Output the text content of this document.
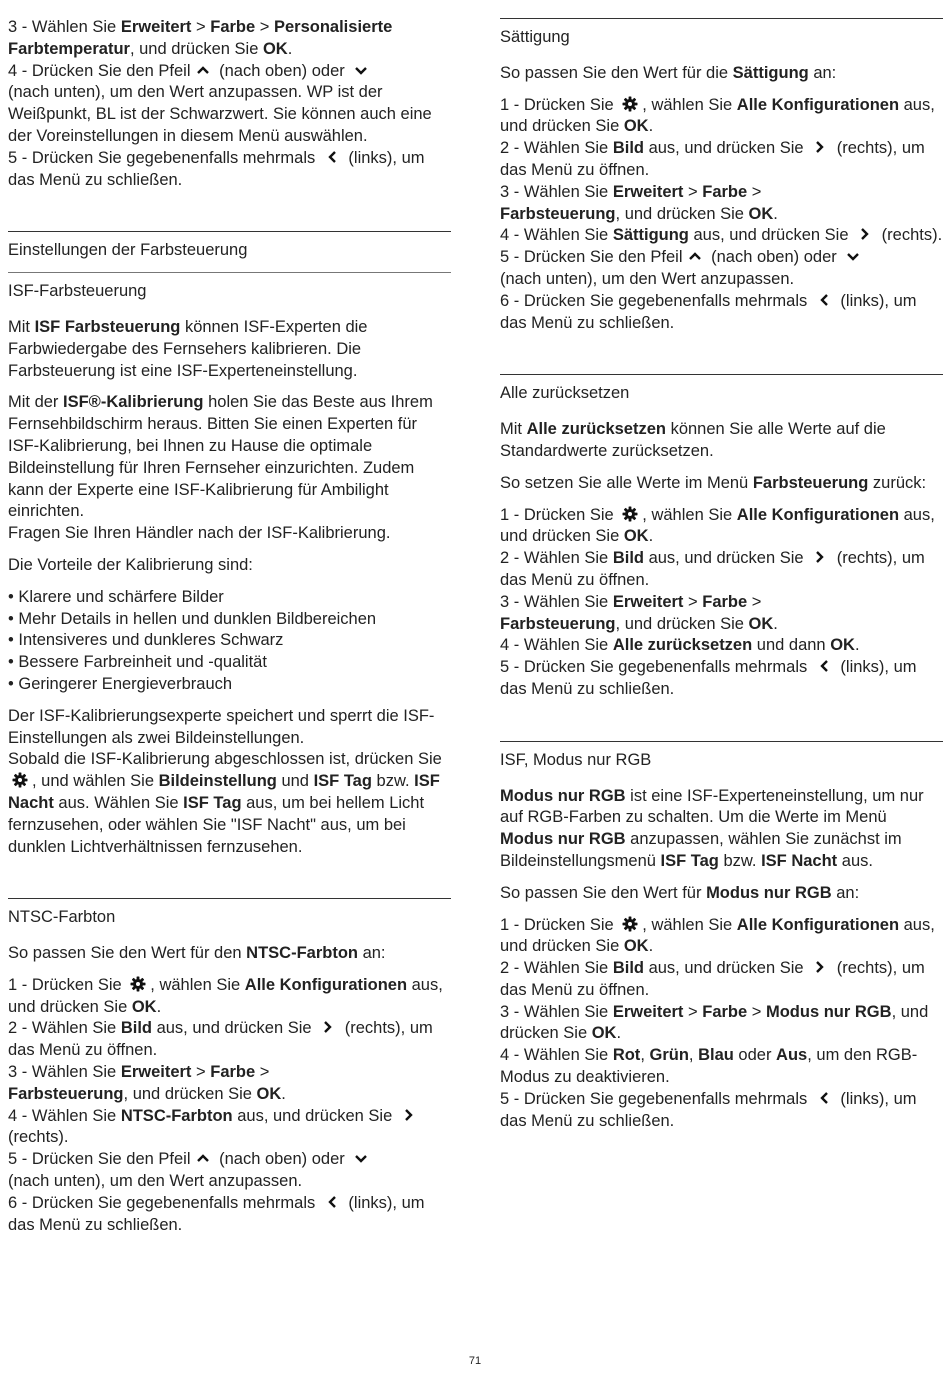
3 - Wählen Sie Erweitert > Farbe > Personalisierte Farbtemperatur, und drücken Sie OK.

4 - Drücken Sie den Pfeil
(nach oben) oder

(nach unten), um den Wert anzupassen. WP ist der Weißpunkt, BL ist der Schwarzwert. Sie können auch eine der Voreinstellungen in diesem Menü auswählen.

5 - Drücken Sie gegebenenfalls mehrmals
(links), um das Menü zu schließen.

Einstellungen der Farbsteuerung

ISF-Farbsteuerung

Mit ISF Farbsteuerung können ISF-Experten die Farbwiedergabe des Fernsehers kalibrieren. Die Farbsteuerung ist eine ISF-Experteneinstellung.

Mit der ISF®-Kalibrierung holen Sie das Beste aus Ihrem Fernsehbildschirm heraus. Bitten Sie einen Experten für ISF-Kalibrierung, bei Ihnen zu Hause die optimale Bildeinstellung für Ihren Fernseher einzurichten. Zudem kann der Experte eine ISF-Kalibrierung für Ambilight einrichten.
Fragen Sie Ihren Händler nach der ISF-Kalibrierung.

Die Vorteile der Kalibrierung sind:

• Klarere und schärfere Bilder

• Mehr Details in hellen und dunklen Bildbereichen

• Intensiveres und dunkleres Schwarz

• Bessere Farbreinheit und -qualität

• Geringerer Energieverbrauch

Der ISF-Kalibrierungsexperte speichert und sperrt die ISF-Einstellungen als zwei Bildeinstellungen.
Sobald die ISF-Kalibrierung abgeschlossen ist, drücken Sie
, und wählen Sie Bildeinstellung und ISF Tag bzw. ISF Nacht aus. Wählen Sie ISF Tag aus, um bei hellem Licht fernzusehen, oder wählen Sie "ISF Nacht" aus, um bei dunklen Lichtverhältnissen fernzusehen.

NTSC-Farbton

So passen Sie den Wert für den NTSC-Farbton an:

1 - Drücken Sie
, wählen Sie Alle Konfigurationen aus, und drücken Sie OK.

2 - Wählen Sie Bild aus, und drücken Sie
(rechts), um das Menü zu öffnen.

3 - Wählen Sie Erweitert > Farbe >
Farbsteuerung, und drücken Sie OK.

4 - Wählen Sie NTSC-Farbton aus, und drücken Sie
(rechts).

5 - Drücken Sie den Pfeil
(nach oben) oder

(nach unten), um den Wert anzupassen.

6 - Drücken Sie gegebenenfalls mehrmals
(links), um das Menü zu schließen.

Sättigung

So passen Sie den Wert für die Sättigung an:

1 - Drücken Sie
, wählen Sie Alle Konfigurationen aus, und drücken Sie OK.

2 - Wählen Sie Bild aus, und drücken Sie
(rechts), um das Menü zu öffnen.

3 - Wählen Sie Erweitert > Farbe >
Farbsteuerung, und drücken Sie OK.

4 - Wählen Sie Sättigung aus, und drücken Sie
(rechts).

5 - Drücken Sie den Pfeil
(nach oben) oder

(nach unten), um den Wert anzupassen.

6 - Drücken Sie gegebenenfalls mehrmals
(links), um das Menü zu schließen.

Alle zurücksetzen

Mit Alle zurücksetzen können Sie alle Werte auf die Standardwerte zurücksetzen.

So setzen Sie alle Werte im Menü Farbsteuerung zurück:

1 - Drücken Sie
, wählen Sie Alle Konfigurationen aus, und drücken Sie OK.

2 - Wählen Sie Bild aus, und drücken Sie
(rechts), um das Menü zu öffnen.

3 - Wählen Sie Erweitert > Farbe >
Farbsteuerung, und drücken Sie OK.

4 - Wählen Sie Alle zurücksetzen und dann OK.

5 - Drücken Sie gegebenenfalls mehrmals
(links), um das Menü zu schließen.

ISF, Modus nur RGB

Modus nur RGB ist eine ISF-Experteneinstellung, um nur auf RGB-Farben zu schalten. Um die Werte im Menü Modus nur RGB anzupassen, wählen Sie zunächst im Bildeinstellungsmenü ISF Tag bzw. ISF Nacht aus.

So passen Sie den Wert für Modus nur RGB an:

1 - Drücken Sie
, wählen Sie Alle Konfigurationen aus, und drücken Sie OK.

2 - Wählen Sie Bild aus, und drücken Sie
(rechts), um das Menü zu öffnen.

3 - Wählen Sie Erweitert > Farbe > Modus nur RGB, und drücken Sie OK.

4 - Wählen Sie Rot, Grün, Blau oder Aus, um den RGB-Modus zu deaktivieren.

5 - Drücken Sie gegebenenfalls mehrmals
(links), um das Menü zu schließen.

71
